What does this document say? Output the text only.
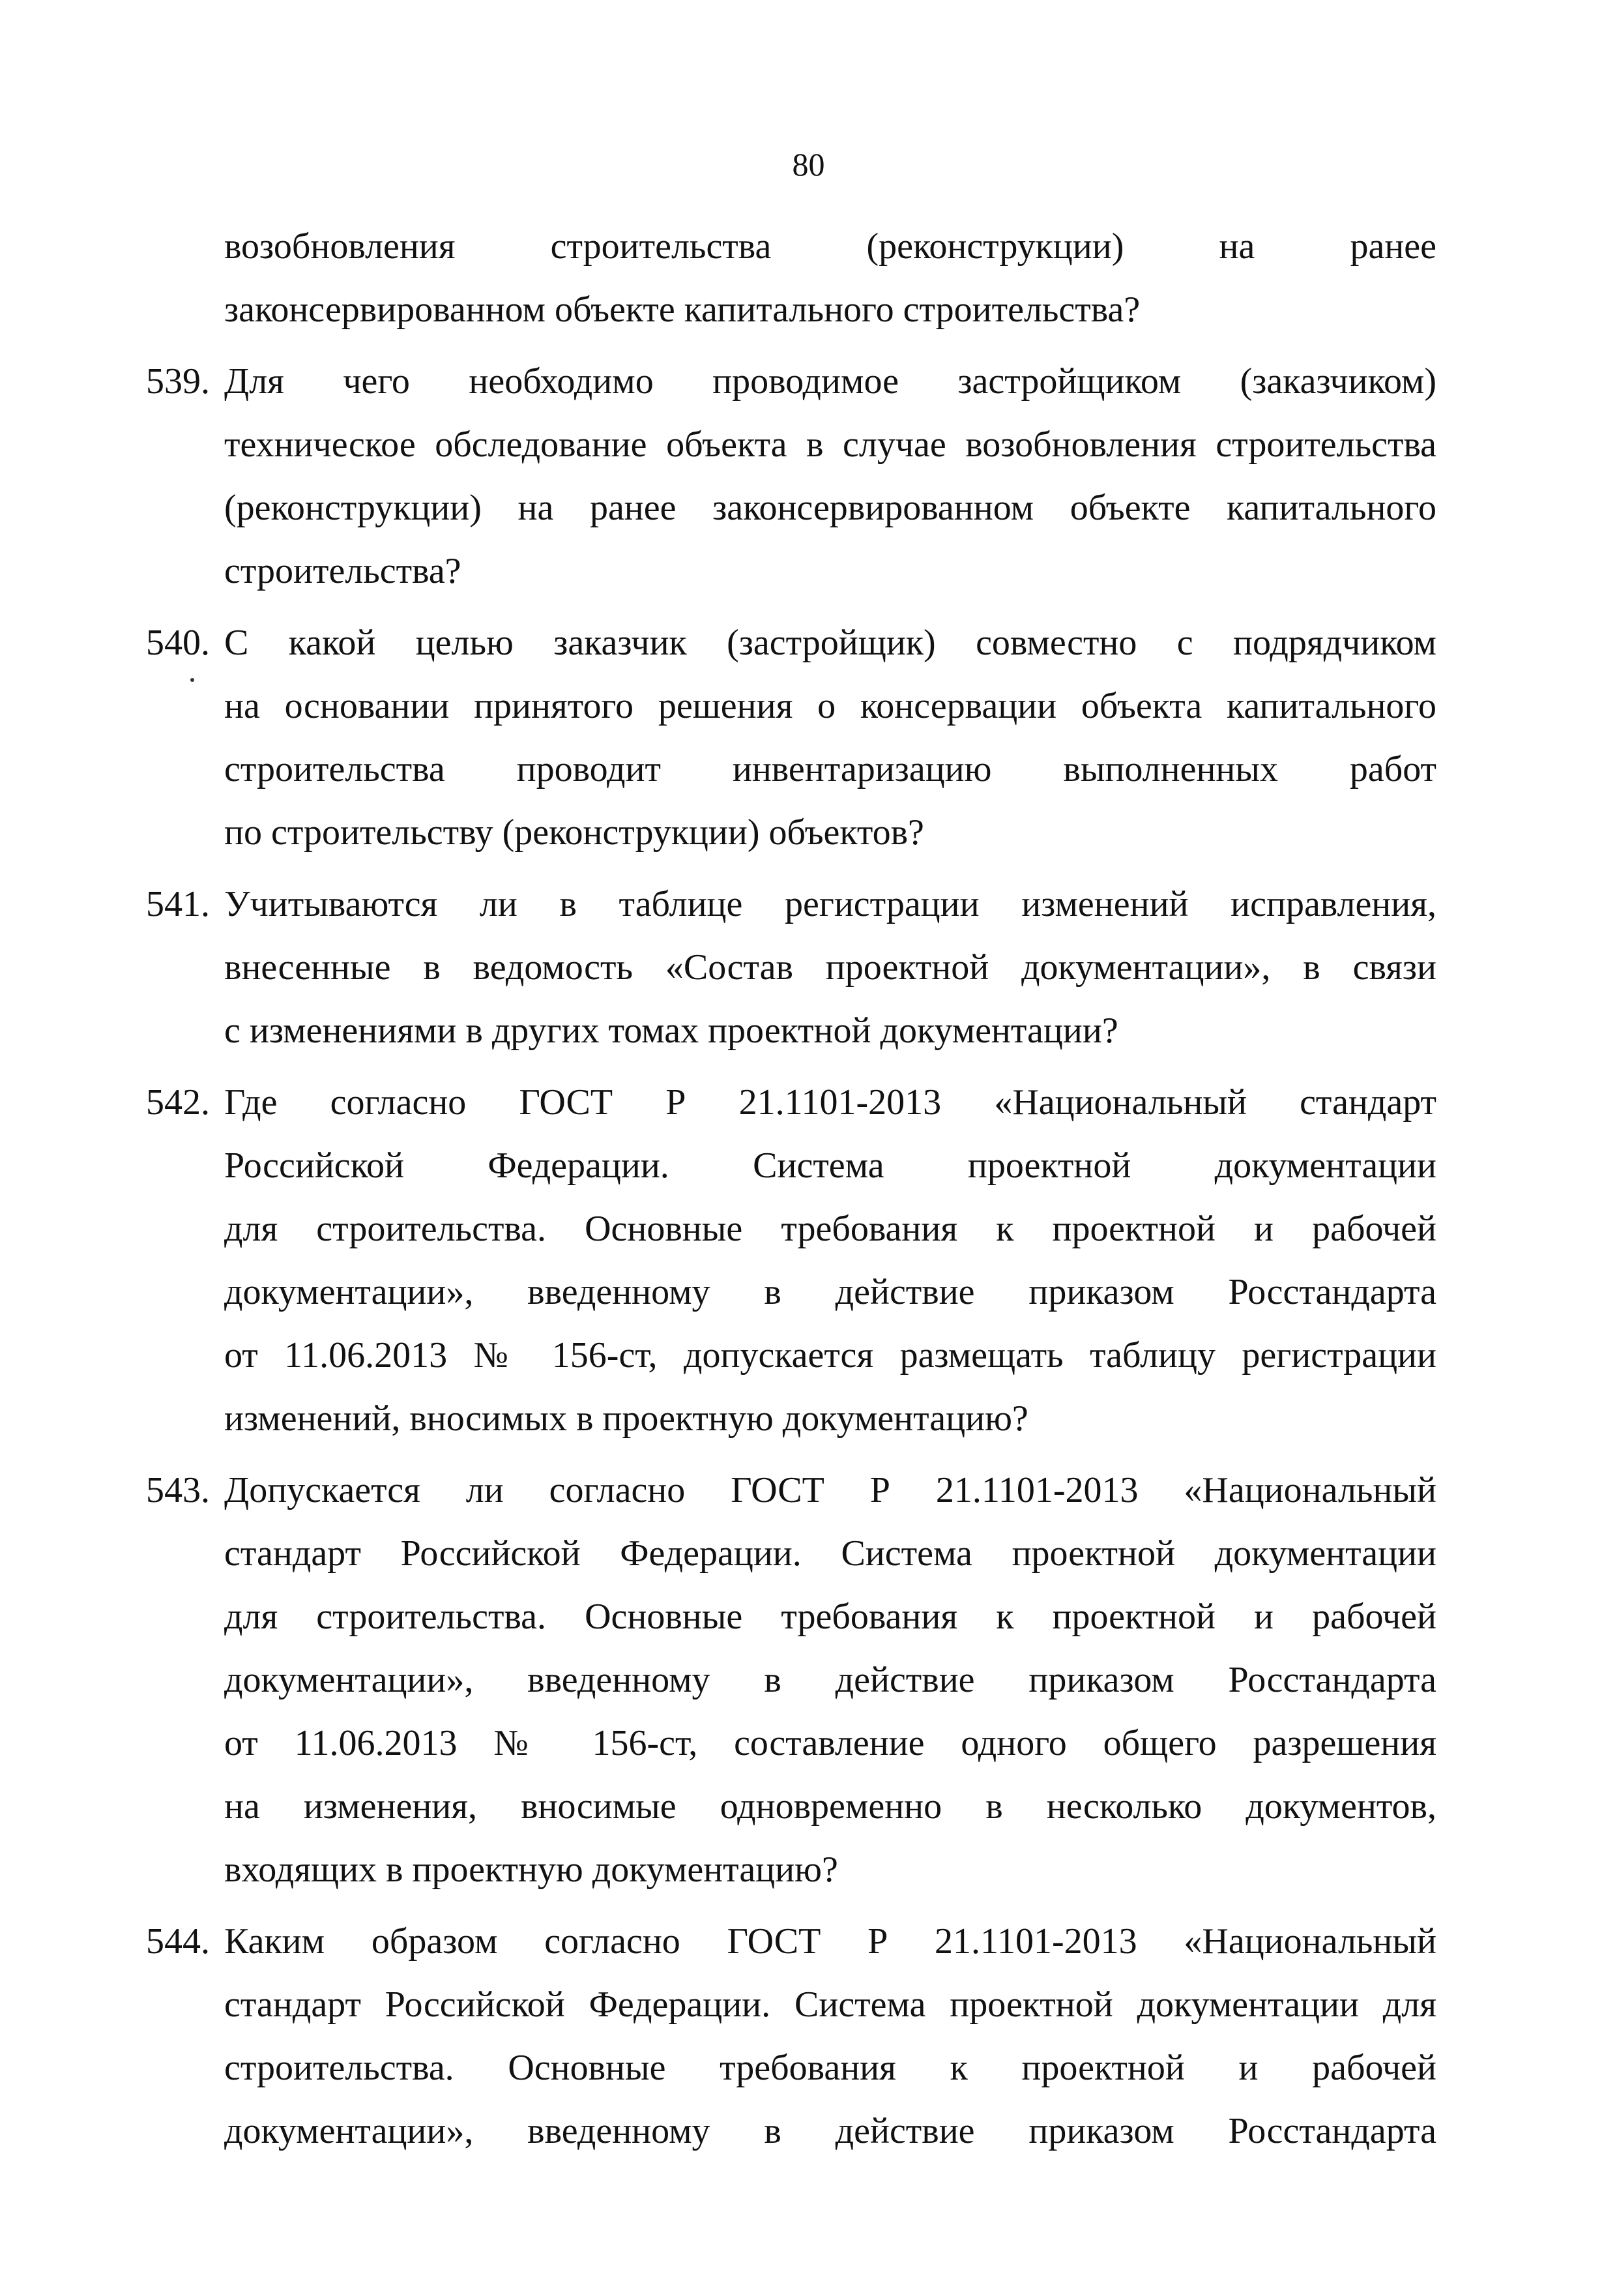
80
возобновления строительства (реконструкции) на ранее
законсервированном объекте капитального строительства?
539. Для чего необходимо проводимое застройщиком (заказчиком)
техническое обследование объекта в случае возобновления строительства
(реконструкции) на ранее законсервированном объекте капитального
строительства?
540. С какой целью заказчик (застройщик) совместно с подрядчиком
на основании принятого решения о консервации объекта капитального
строительства проводит инвентаризацию выполненных работ
по строительству (реконструкции) объектов?
541. Учитываются ли в таблице регистрации изменений исправления,
внесенные в ведомость «Состав проектной документации», в связи
с изменениями в других томах проектной документации?
542. Где согласно ГОСТ Р 21.1101-2013 «Национальный стандарт
Российской Федерации. Система проектной документации
для строительства. Основные требования к проектной и рабочей
документации», введенному в действие приказом Росстандарта
от 11.06.2013 № 156-ст, допускается размещать таблицу регистрации
изменений, вносимых в проектную документацию?
543. Допускается ли согласно ГОСТ Р 21.1101-2013 «Национальный
стандарт Российской Федерации. Система проектной документации
для строительства. Основные требования к проектной и рабочей
документации», введенному в действие приказом Росстандарта
от 11.06.2013 № 156-ст, составление одного общего разрешения
на изменения, вносимые одновременно в несколько документов,
входящих в проектную документацию?
544. Каким образом согласно ГОСТ Р 21.1101-2013 «Национальный
стандарт Российской Федерации. Система проектной документации для
строительства. Основные требования к проектной и рабочей
документации», введенному в действие приказом Росстандарта
